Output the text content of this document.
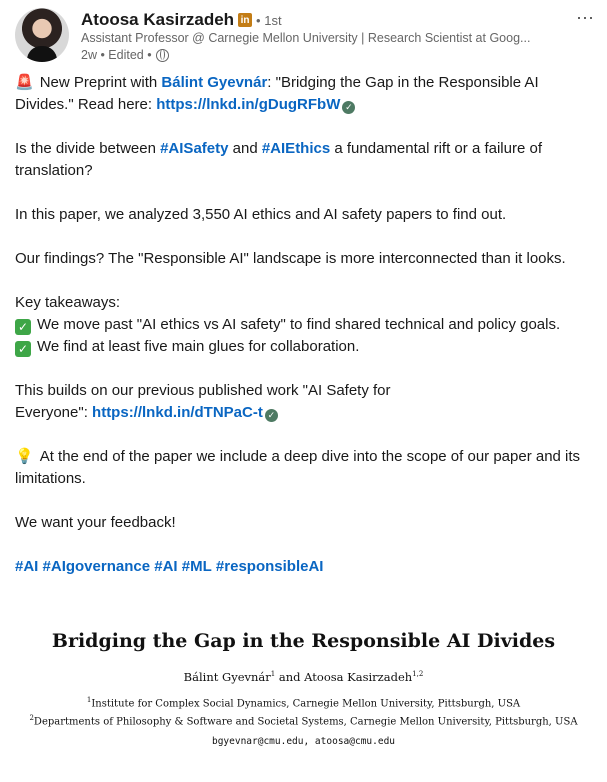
Atoosa Kasirzadeh in • 1st
Assistant Professor @ Carnegie Mellon University | Research Scientist at Goog...
2w • Edited •
⋯

🚨 New Preprint with Bálint Gyevnár: "Bridging the Gap in the Responsible AI Divides." Read here: https://lnkd.in/gDugRFbW ✓

Is the divide between #AISafety and #AIEthics a fundamental rift or a failure of translation?

In this paper, we analyzed 3,550 AI ethics and AI safety papers to find out.

Our findings? The "Responsible AI" landscape is more interconnected than it looks.

Key takeaways:

✓ We move past "AI ethics vs AI safety" to find shared technical and policy goals.

✓ We find at least five main glues for collaboration.

This builds on our previous published work "AI Safety for
Everyone": https://lnkd.in/dTNPaC-t ✓

💡 At the end of the paper we include a deep dive into the scope of our paper and its limitations.

We want your feedback!

#AI #AIgovernance #AI #ML #responsibleAI

Bridging the Gap in the Responsible AI Divides
Bálint Gyevnár$^1$ and Atoosa Kasirzadeh$^{1,2}$
$^1$Institute for Complex Social Dynamics, Carnegie Mellon University, Pittsburgh, USA
$^2$Departments of Philosophy & Software and Societal Systems, Carnegie Mellon University, Pittsburgh, USA
bgyevnar@cmu.edu, atoosa@cmu.edu
